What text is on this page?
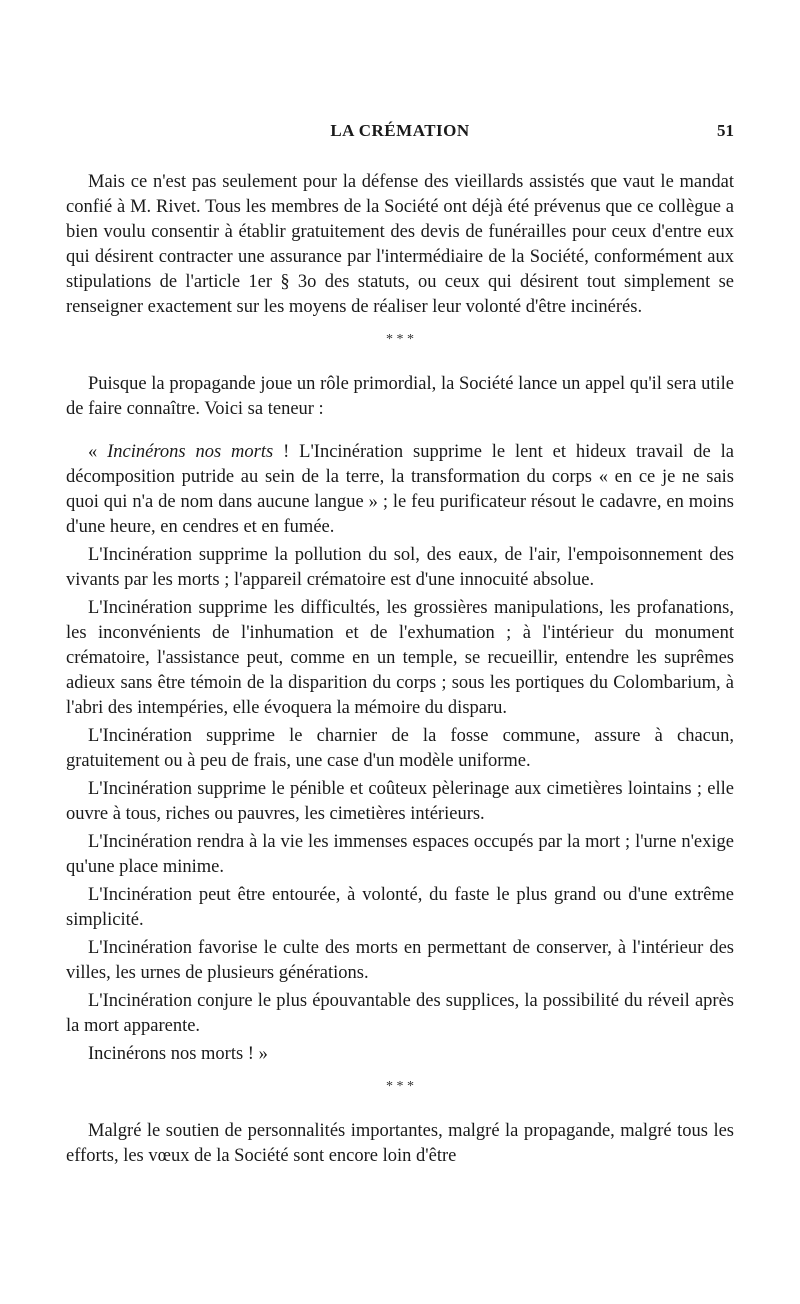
LA CRÉMATION	51

Mais ce n'est pas seulement pour la défense des vieillards assistés que vaut le mandat confié à M. Rivet. Tous les membres de la Société ont déjà été prévenus que ce collègue a bien voulu consentir à établir gratuitement des devis de funérailles pour ceux d'entre eux qui désirent contracter une assurance par l'intermédiaire de la Société, conformément aux stipulations de l'article 1er § 3o des statuts, ou ceux qui désirent tout simplement se renseigner exactement sur les moyens de réaliser leur volonté d'être incinérés.

* * *

Puisque la propagande joue un rôle primordial, la Société lance un appel qu'il sera utile de faire connaître. Voici sa teneur :

« Incinérons nos morts ! L'Incinération supprime le lent et hideux travail de la décomposition putride au sein de la terre, la transformation du corps « en ce je ne sais quoi qui n'a de nom dans aucune langue » ; le feu purificateur résout le cadavre, en moins d'une heure, en cendres et en fumée.

L'Incinération supprime la pollution du sol, des eaux, de l'air, l'empoisonnement des vivants par les morts ; l'appareil crématoire est d'une innocuité absolue.

L'Incinération supprime les difficultés, les grossières manipulations, les profanations, les inconvénients de l'inhumation et de l'exhumation ; à l'intérieur du monument crématoire, l'assistance peut, comme en un temple, se recueillir, entendre les suprêmes adieux sans être témoin de la disparition du corps ; sous les portiques du Colombarium, à l'abri des intempéries, elle évoquera la mémoire du disparu.

L'Incinération supprime le charnier de la fosse commune, assure à chacun, gratuitement ou à peu de frais, une case d'un modèle uniforme.

L'Incinération supprime le pénible et coûteux pèlerinage aux cimetières lointains ; elle ouvre à tous, riches ou pauvres, les cimetières intérieurs.

L'Incinération rendra à la vie les immenses espaces occupés par la mort ; l'urne n'exige qu'une place minime.

L'Incinération peut être entourée, à volonté, du faste le plus grand ou d'une extrême simplicité.

L'Incinération favorise le culte des morts en permettant de conserver, à l'intérieur des villes, les urnes de plusieurs générations.

L'Incinération conjure le plus épouvantable des supplices, la possibilité du réveil après la mort apparente.

Incinérons nos morts ! »

* * *

Malgré le soutien de personnalités importantes, malgré la propagande, malgré tous les efforts, les vœux de la Société sont encore loin d'être
